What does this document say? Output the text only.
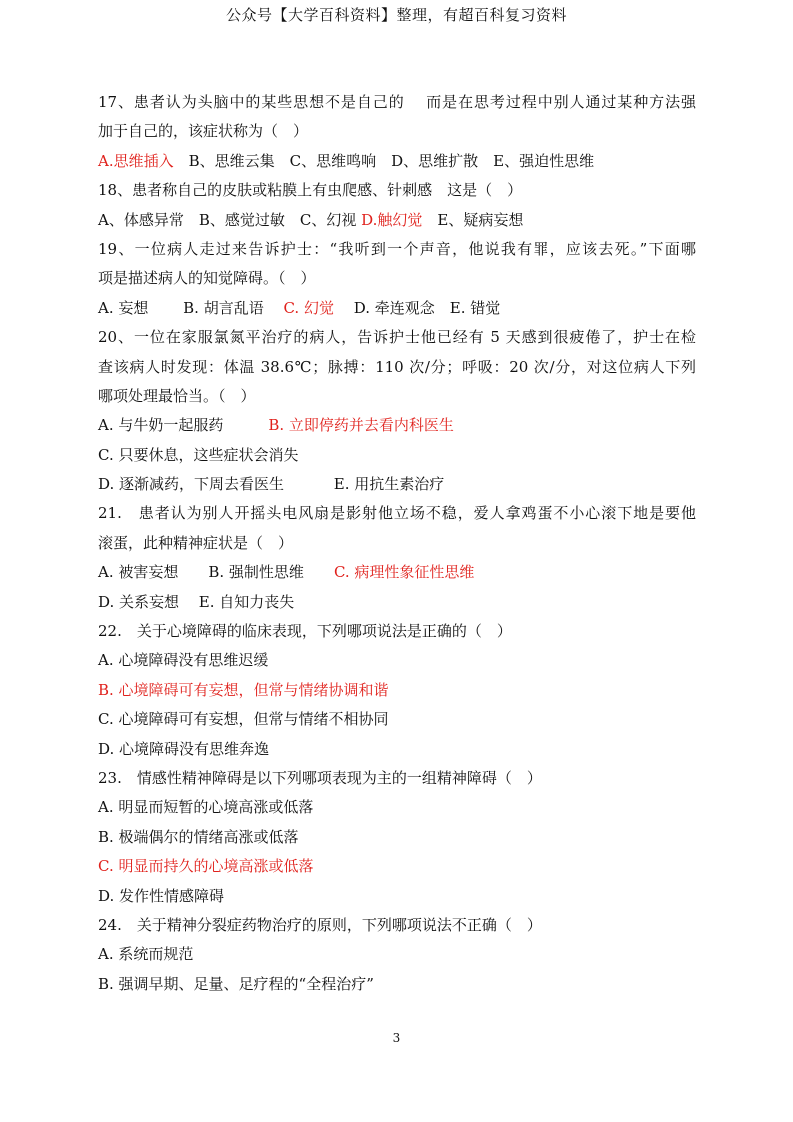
公众号【大学百科资料】整理，有超百科复习资料
17、患者认为头脑中的某些思想不是自己的　 而是在思考过程中别人通过某种方法强
加于自己的，该症状称为（　）
A.思维插入　B、思维云集　C、思维鸣响　D、思维扩散　E、强迫性思维
18、患者称自己的皮肤或粘膜上有虫爬感、针刺感　这是（　）
A、体感异常　B、感觉过敏　C、幻视 D.触幻觉　E、疑病妄想
19、一位病人走过来告诉护士：“我听到一个声音，他说我有罪，应该去死。”下面哪
项是描述病人的知觉障碍。（　）
A. 妄想　　 B. 胡言乱语　 C. 幻觉　 D. 牵连观念　E. 错觉
20、一位在家服氯氮平治疗的病人，告诉护士他已经有 5 天感到很疲倦了，护士在检
查该病人时发现：体温 38.6℃；脉搏：110 次/分；呼吸：20 次/分，对这位病人下列
哪项处理最恰当。（　）
A. 与牛奶一起服药　　　B. 立即停药并去看内科医生
C. 只要休息，这些症状会消失
D. 逐渐减药，下周去看医生　　　 E. 用抗生素治疗
21.　患者认为别人开摇头电风扇是影射他立场不稳，爱人拿鸡蛋不小心滚下地是要他
滚蛋，此种精神症状是（　）
A. 被害妄想　　B. 强制性思维　　C. 病理性象征性思维
D. 关系妄想　 E. 自知力丧失
22.　关于心境障碍的临床表现，下列哪项说法是正确的（　）
A. 心境障碍没有思维迟缓
B. 心境障碍可有妄想，但常与情绪协调和谐
C. 心境障碍可有妄想，但常与情绪不相协同
D. 心境障碍没有思维奔逸
23.　情感性精神障碍是以下列哪项表现为主的一组精神障碍（　）
A. 明显而短暂的心境高涨或低落
B. 极端偶尔的情绪高涨或低落
C. 明显而持久的心境高涨或低落
D. 发作性情感障碍
24.　关于精神分裂症药物治疗的原则，下列哪项说法不正确（　）
A. 系统而规范
B. 强调早期、足量、足疗程的“全程治疗”
3
